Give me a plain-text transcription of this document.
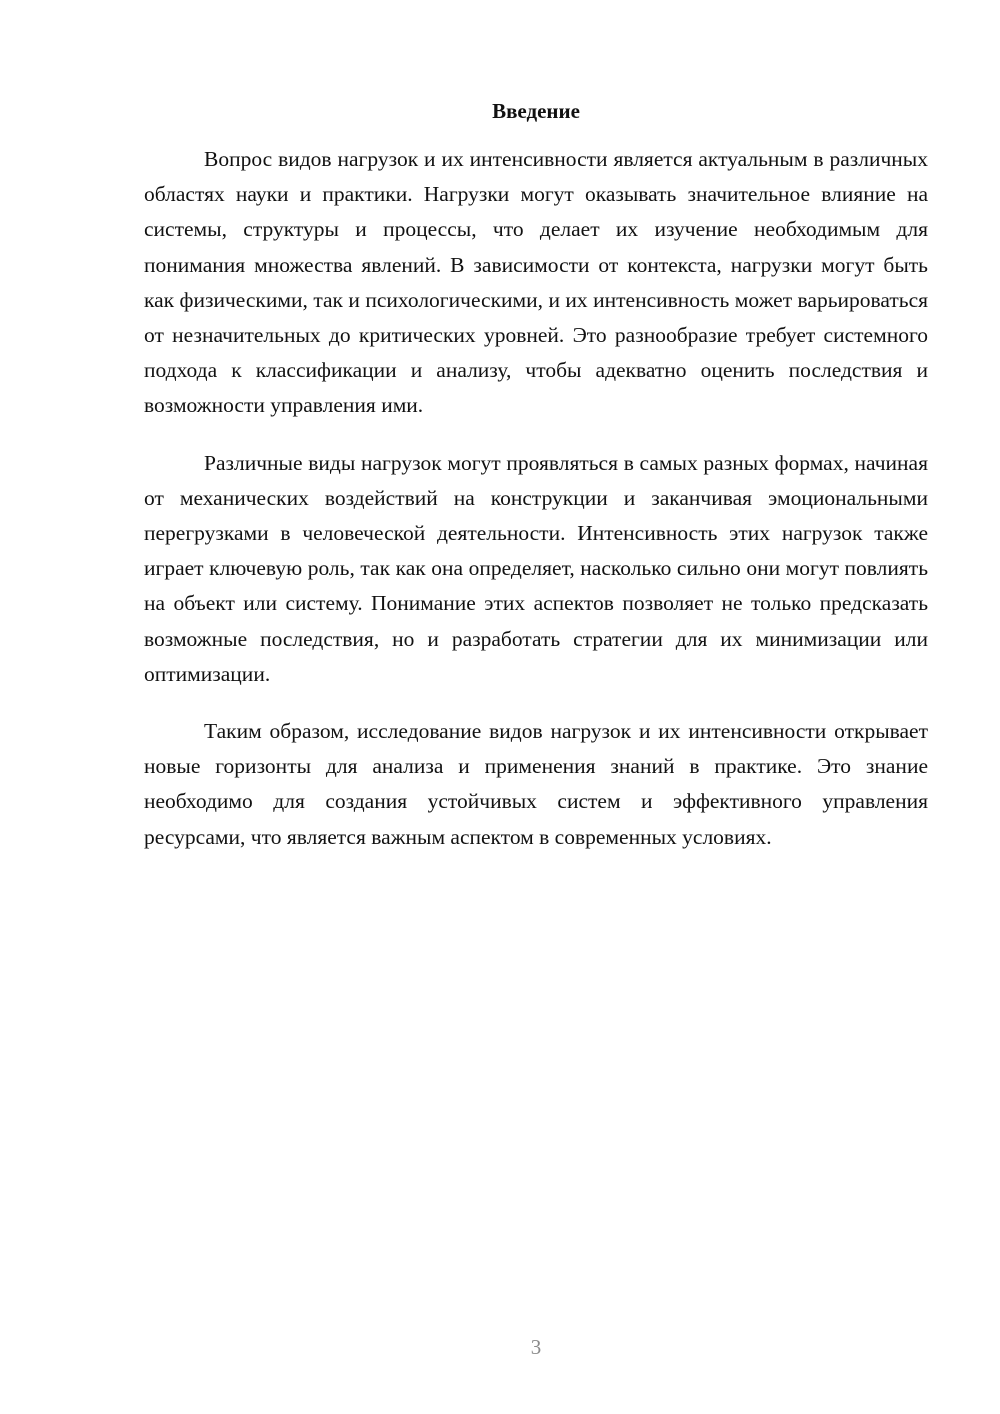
Введение

Вопрос видов нагрузок и их интенсивности является актуальным в различных областях науки и практики. Нагрузки могут оказывать значительное влияние на системы, структуры и процессы, что делает их изучение необходимым для понимания множества явлений. В зависимости от контекста, нагрузки могут быть как физическими, так и психологическими, и их интенсивность может варьироваться от незначительных до критических уровней. Это разнообразие требует системного подхода к классификации и анализу, чтобы адекватно оценить последствия и возможности управления ими.

Различные виды нагрузок могут проявляться в самых разных формах, начиная от механических воздействий на конструкции и заканчивая эмоциональными перегрузками в человеческой деятельности. Интенсивность этих нагрузок также играет ключевую роль, так как она определяет, насколько сильно они могут повлиять на объект или систему. Понимание этих аспектов позволяет не только предсказать возможные последствия, но и разработать стратегии для их минимизации или оптимизации.

Таким образом, исследование видов нагрузок и их интенсивности открывает новые горизонты для анализа и применения знаний в практике. Это знание необходимо для создания устойчивых систем и эффективного управления ресурсами, что является важным аспектом в современных условиях.

3
